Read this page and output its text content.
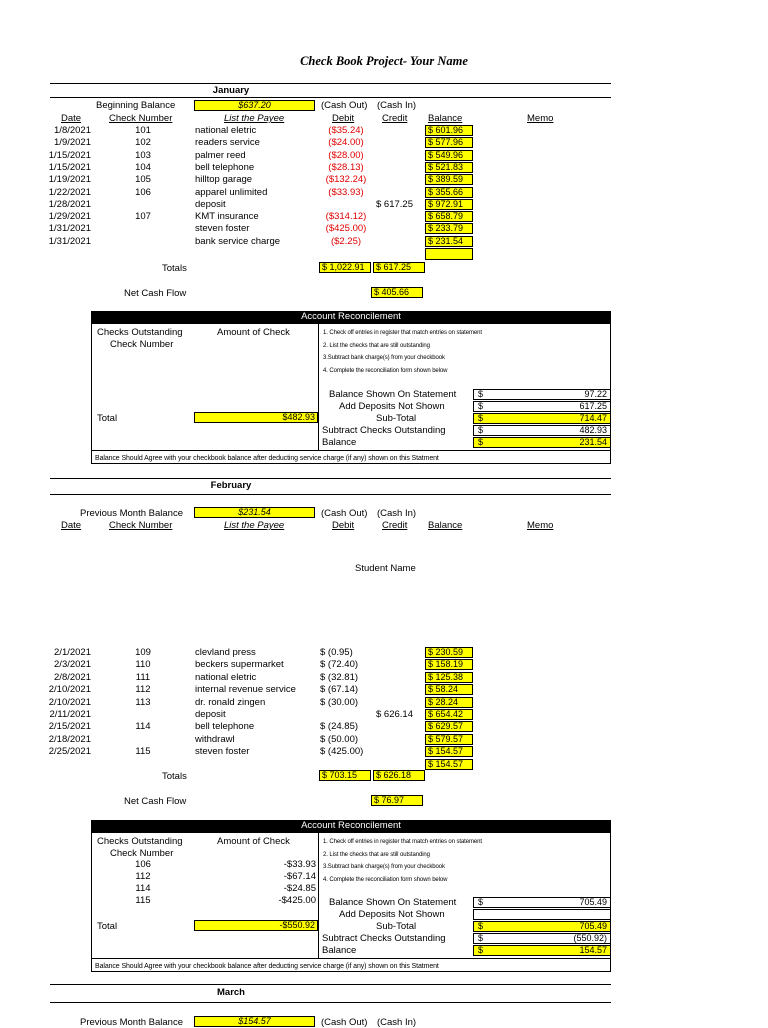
Check Book Project- Your Name
January
Beginning Balance	$637.20	(Cash Out) (Cash In)
Date	Check Number	List the Payee	Debit	Credit Balance	Memo
1/8/2021	101	national eletric	($35.24)	$ 601.96
1/9/2021	102	readers service	($24.00)	$ 577.96
1/15/2021	103	palmer reed	($28.00)	$ 549.96
1/15/2021	104	bell telephone	($28.13)	$ 521.83
1/19/2021	105	hilltop garage	($132.24)	$ 389.59
1/22/2021	106	apparel unlimited	($33.93)	$ 355.66
1/28/2021	deposit	$ 617.25	$ 972.91
1/29/2021	107	KMT insurance	($314.12)	$ 658.79
1/31/2021	steven foster	($425.00)	$ 233.79
1/31/2021	bank service charge	($2.25)	$ 231.54
Totals	$ 1,022.91	$ 617.25
Net Cash Flow	$ 405.66
Account Reconcilement
Checks Outstanding
Check Number
Amount of Check
Total	$482.93
1. Check off entries in register that match entries on statement
2. List the checks that are still outstanding
3.Subtract bank charge(s) from your checkbook
4. Complete the reconciliation form shown below
Balance Shown On Statement $	97.22
Add Deposits Not Shown	$	617.25
Sub-Total	$	714.47
Subtract Checks Outstanding	$	482.93
Balance	$	231.54
Balance Should Agree with your checkbook balance after deducting service charge (if any) shown on this Statment
February
Previous Month Balance	$231.54	(Cash Out) (Cash In)
Date	Check Number	List the Payee	Debit	Credit Balance	Memo
Student Name
2/1/2021	109	clevland press	$ (0.95)	$ 230.59
2/3/2021	110	beckers supermarket	$ (72.40)	$ 158.19
2/8/2021	111	national eletric	$ (32.81)	$ 125.38
2/10/2021	112	internal revenue service	$ (67.14)	$ 58.24
2/10/2021	113	dr. ronald zingen	$ (30.00)	$ 28.24
2/11/2021	deposit	$ 626.14	$ 654.42
2/15/2021	114	bell telephone	$ (24.85)	$ 629.57
2/18/2021	withdrawl	$ (50.00)	$ 579.57
2/25/2021	115	steven foster	$ (425.00)	$ 154.57
$ 154.57
Totals	$ 703.15	$ 626.18
Net Cash Flow	$ 76.97
Account Reconcilement
Checks Outstanding
Check Number
Amount of Check
106	-$33.93
112	-$67.14
114	-$24.85
115	-$425.00
Total	-$550.92
1. Check off entries in register that match entries on statement
2. List the checks that are still outstanding
3.Subtract bank charge(s) from your checkbook
4. Complete the reconciliation form shown below
Balance Shown On Statement $	705.49
Add Deposits Not Shown
Sub-Total	$	705.49
Subtract Checks Outstanding	$	(550.92)
Balance	$	154.57
Balance Should Agree with your checkbook balance after deducting service charge (if any) shown on this Statment
March
Previous Month Balance	$154.57	(Cash Out) (Cash In)
